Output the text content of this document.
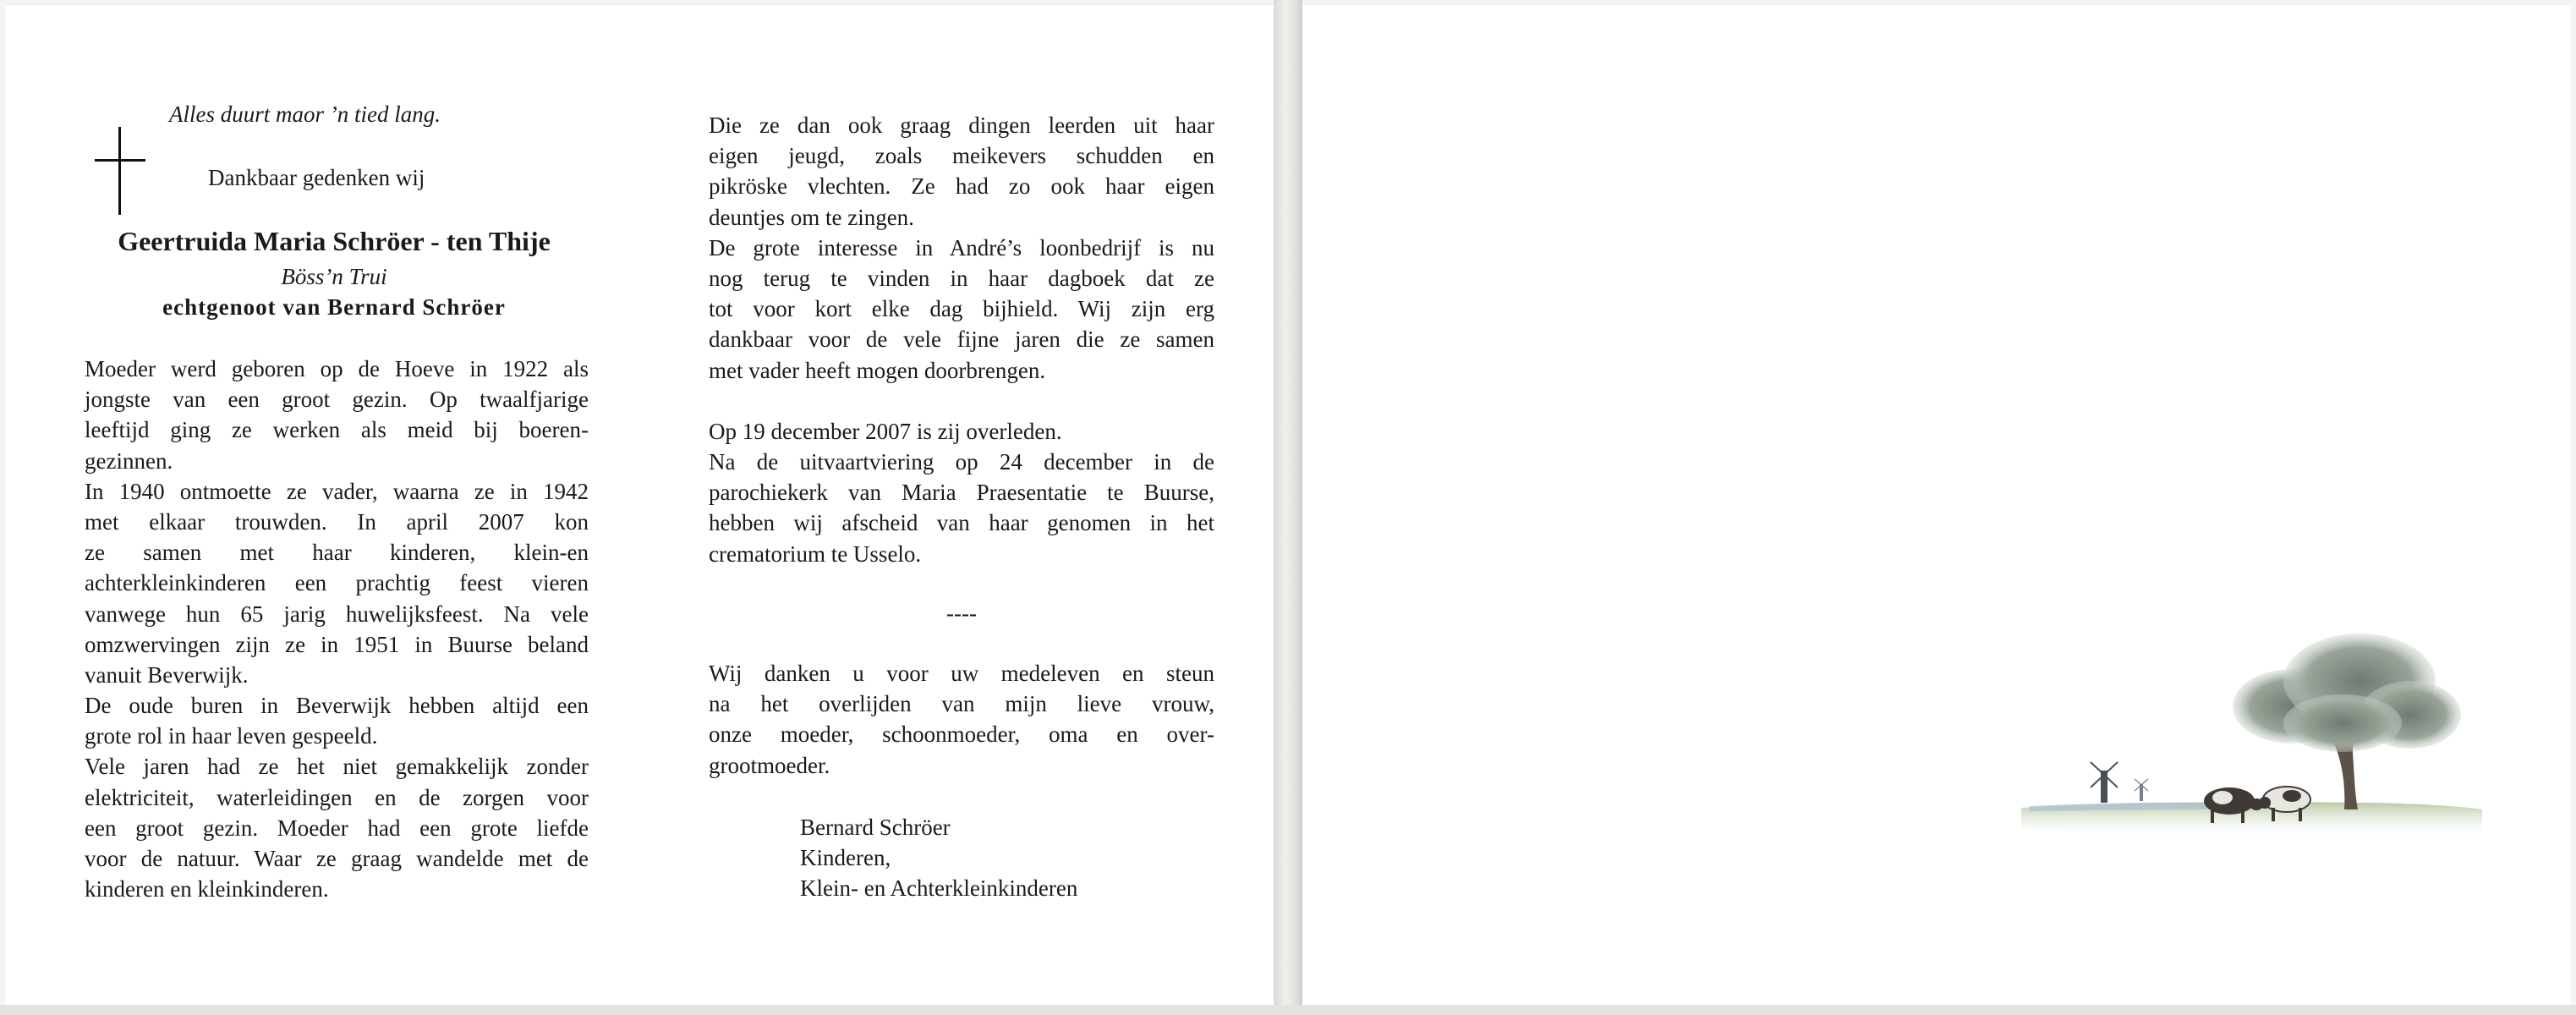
Alles duurt maor ’n tied lang.
Dankbaar gedenken wij
Geertruida Maria Schröer - ten Thije
Böss’n Trui
echtgenoot van Bernard Schröer
Moeder werd geboren op de Hoeve in 1922 als
jongste van een groot gezin. Op twaalfjarige
leeftijd ging ze werken als meid bij boeren-
gezinnen.
In 1940 ontmoette ze vader, waarna ze in 1942
met elkaar trouwden. In april 2007 kon
ze samen met haar kinderen, klein-en
achterkleinkinderen een prachtig feest vieren
vanwege hun 65 jarig huwelijksfeest. Na vele
omzwervingen zijn ze in 1951 in Buurse beland
vanuit Beverwijk.
De oude buren in Beverwijk hebben altijd een
grote rol in haar leven gespeeld.
Vele jaren had ze het niet gemakkelijk zonder
elektriciteit, waterleidingen en de zorgen voor
een groot gezin. Moeder had een grote liefde
voor de natuur. Waar ze graag wandelde met de
kinderen en kleinkinderen.
Die ze dan ook graag dingen leerden uit haar
eigen jeugd, zoals meikevers schudden en
pikröske vlechten. Ze had zo ook haar eigen
deuntjes om te zingen.
De grote interesse in André’s loonbedrijf is nu
nog terug te vinden in haar dagboek dat ze
tot voor kort elke dag bijhield. Wij zijn erg
dankbaar voor de vele fijne jaren die ze samen
met vader heeft mogen doorbrengen.
Op 19 december 2007 is zij overleden.
Na de uitvaartviering op 24 december in de
parochiekerk van Maria Praesentatie te Buurse,
hebben wij afscheid van haar genomen in het
crematorium te Usselo.
----
Wij danken u voor uw medeleven en steun
na het overlijden van mijn lieve vrouw,
onze moeder, schoonmoeder, oma en over-
grootmoeder.
Bernard Schröer
Kinderen,
Klein- en Achterkleinkinderen
